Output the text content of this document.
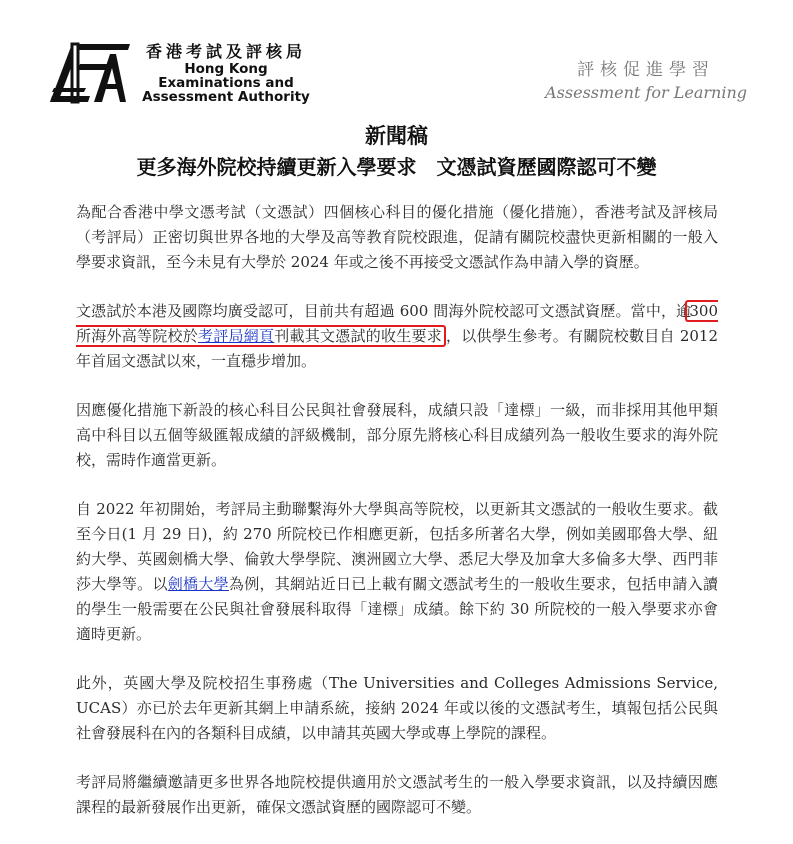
香港考試及評核局
Hong Kong
Examinations and
Assessment Authority
評核促進學習
Assessment for Learning
新聞稿
更多海外院校持續更新入學要求　文憑試資歷國際認可不變

為配合香港中學文憑考試（文憑試）四個核心科目的優化措施（優化措施），香港考試及評核局（考評局）正密切與世界各地的大學及高等教育院校跟進，促請有關院校盡快更新相關的一般入學要求資訊，至今未見有大學於 2024 年或之後不再接受文憑試作為申請入學的資歷。

文憑試於本港及國際均廣受認可，目前共有超過 600 間海外院校認可文憑試資歷。當中，逾300 所海外高等院校於考評局網頁刊載其文憑試的收生要求 ，以供學生參考。有關院校數目自 2012 年首屆文憑試以來，一直穩步增加。

因應優化措施下新設的核心科目公民與社會發展科，成績只設「達標」一級，而非採用其他甲類高中科目以五個等級匯報成績的評級機制，部分原先將核心科目成績列為一般收生要求的海外院校，需時作適當更新。

自 2022 年初開始，考評局主動聯繫海外大學與高等院校，以更新其文憑試的一般收生要求。截至今日(1 月 29 日)，約 270 所院校已作相應更新，包括多所著名大學，例如美國耶魯大學、紐約大學、英國劍橋大學、倫敦大學學院、澳洲國立大學、悉尼大學及加拿大多倫多大學、西門菲莎大學等。以劍橋大學為例，其網站近日已上載有關文憑試考生的一般收生要求，包括申請入讀的學生一般需要在公民與社會發展科取得「達標」成績。餘下約 30 所院校的一般入學要求亦會適時更新。

此外，英國大學及院校招生事務處（The Universities and Colleges Admissions Service, UCAS）亦已於去年更新其網上申請系統，接納 2024 年或以後的文憑試考生，填報包括公民與社會發展科在內的各類科目成績，以申請其英國大學或專上學院的課程。

考評局將繼續邀請更多世界各地院校提供適用於文憑試考生的一般入學要求資訊，以及持續因應課程的最新發展作出更新，確保文憑試資歷的國際認可不變。
